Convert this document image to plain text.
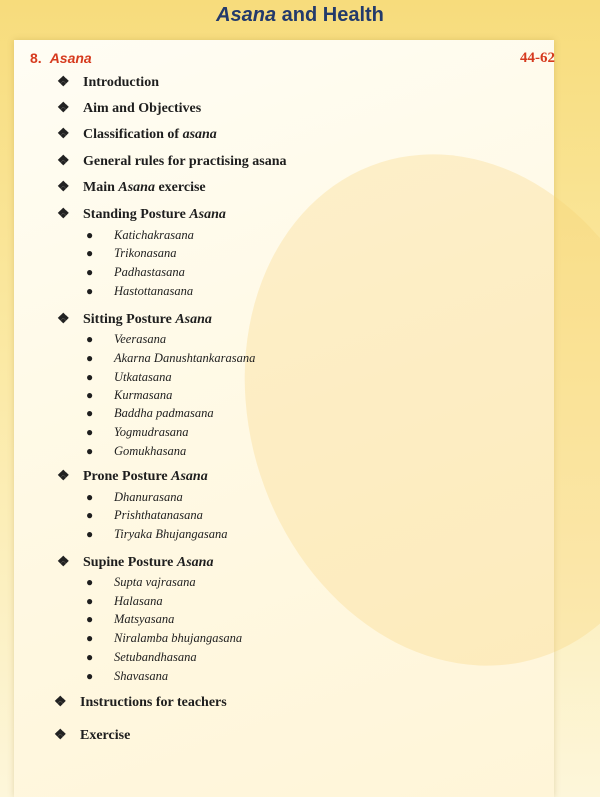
Asana and Health
8. Asana	44-62
❖ Introduction
❖ Aim and Objectives
❖ Classification of asana
❖ General rules for practising asana
❖ Main Asana exercise
❖ Standing Posture Asana
● Katichakrasana
● Trikonasana
● Padhastasana
● Hastottanasana
❖ Sitting Posture Asana
● Veerasana
● Akarna Danushtankarasana
● Utkatasana
● Kurmasana
● Baddha padmasana
● Yogmudrasana
● Gomukhasana
❖ Prone Posture Asana
● Dhanurasana
● Prishthatanasana
● Tiryaka Bhujangasana
❖ Supine Posture Asana
● Supta vajrasana
● Halasana
● Matsyasana
● Niralamba bhujangasana
● Setubandhasana
● Shavasana
❖ Instructions for teachers
❖ Exercise
